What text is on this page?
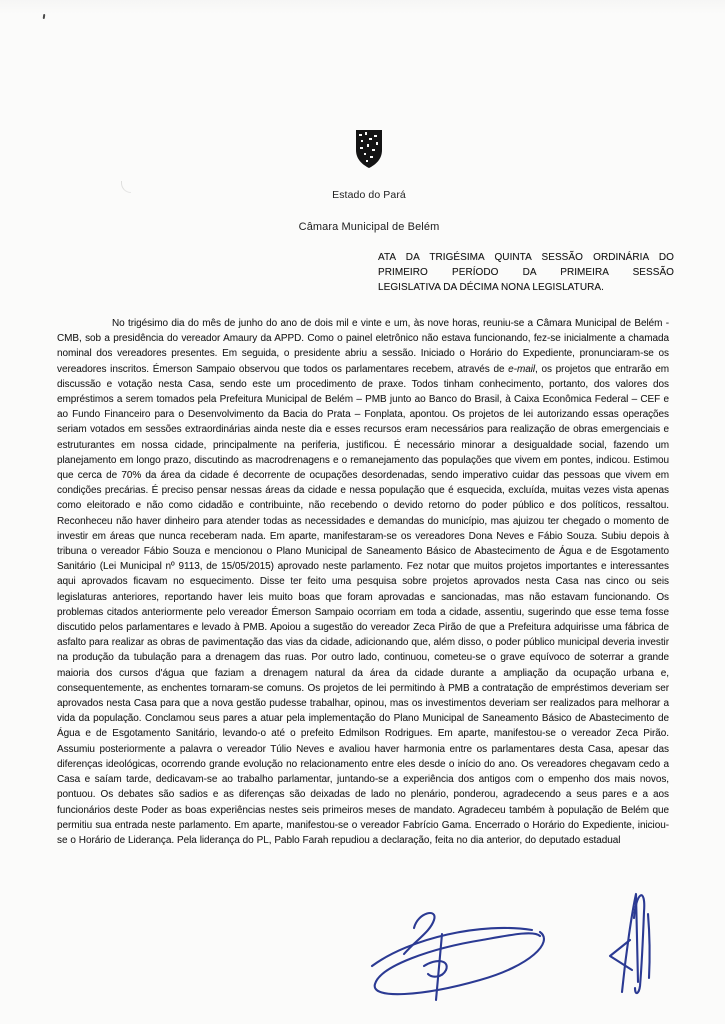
Estado do Pará
Câmara Municipal de Belém
ATA DA TRIGÉSIMA QUINTA SESSÃO ORDINÁRIA DO
PRIMEIRO PERÍODO DA PRIMEIRA SESSÃO
LEGISLATIVA DA DÉCIMA NONA LEGISLATURA.

No trigésimo dia do mês de junho do ano de dois mil e vinte e um, às nove horas, reuniu-se a Câmara Municipal de Belém - CMB, sob a presidência do vereador Amaury da APPD. Como o painel eletrônico não estava funcionando, fez-se inicialmente a chamada nominal dos vereadores presentes. Em seguida, o presidente abriu a sessão. Iniciado o Horário do Expediente, pronunciaram-se os vereadores inscritos. Émerson Sampaio observou que todos os parlamentares recebem, através de e-mail, os projetos que entrarão em discussão e votação nesta Casa, sendo este um procedimento de praxe. Todos tinham conhecimento, portanto, dos valores dos empréstimos a serem tomados pela Prefeitura Municipal de Belém – PMB junto ao Banco do Brasil, à Caixa Econômica Federal – CEF e ao Fundo Financeiro para o Desenvolvimento da Bacia do Prata – Fonplata, apontou. Os projetos de lei autorizando essas operações seriam votados em sessões extraordinárias ainda neste dia e esses recursos eram necessários para realização de obras emergenciais e estruturantes em nossa cidade, principalmente na periferia, justificou. É necessário minorar a desigualdade social, fazendo um planejamento em longo prazo, discutindo as macrodrenagens e o remanejamento das populações que vivem em pontes, indicou. Estimou que cerca de 70% da área da cidade é decorrente de ocupações desordenadas, sendo imperativo cuidar das pessoas que vivem em condições precárias. É preciso pensar nessas áreas da cidade e nessa população que é esquecida, excluída, muitas vezes vista apenas como eleitorado e não como cidadão e contribuinte, não recebendo o devido retorno do poder público e dos políticos, ressaltou. Reconheceu não haver dinheiro para atender todas as necessidades e demandas do município, mas ajuizou ter chegado o momento de investir em áreas que nunca receberam nada. Em aparte, manifestaram-se os vereadores Dona Neves e Fábio Souza. Subiu depois à tribuna o vereador Fábio Souza e mencionou o Plano Municipal de Saneamento Básico de Abastecimento de Água e de Esgotamento Sanitário (Lei Municipal nº 9113, de 15/05/2015) aprovado neste parlamento. Fez notar que muitos projetos importantes e interessantes aqui aprovados ficavam no esquecimento. Disse ter feito uma pesquisa sobre projetos aprovados nesta Casa nas cinco ou seis legislaturas anteriores, reportando haver leis muito boas que foram aprovadas e sancionadas, mas não estavam funcionando. Os problemas citados anteriormente pelo vereador Émerson Sampaio ocorriam em toda a cidade, assentiu, sugerindo que esse tema fosse discutido pelos parlamentares e levado à PMB. Apoiou a sugestão do vereador Zeca Pirão de que a Prefeitura adquirisse uma fábrica de asfalto para realizar as obras de pavimentação das vias da cidade, adicionando que, além disso, o poder público municipal deveria investir na produção da tubulação para a drenagem das ruas. Por outro lado, continuou, cometeu-se o grave equívoco de soterrar a grande maioria dos cursos d'água que faziam a drenagem natural da área da cidade durante a ampliação da ocupação urbana e, consequentemente, as enchentes tornaram-se comuns. Os projetos de lei permitindo à PMB a contratação de empréstimos deveriam ser aprovados nesta Casa para que a nova gestão pudesse trabalhar, opinou, mas os investimentos deveriam ser realizados para melhorar a vida da população. Conclamou seus pares a atuar pela implementação do Plano Municipal de Saneamento Básico de Abastecimento de Água e de Esgotamento Sanitário, levando-o até o prefeito Edmilson Rodrigues. Em aparte, manifestou-se o vereador Zeca Pirão. Assumiu posteriormente a palavra o vereador Túlio Neves e avaliou haver harmonia entre os parlamentares desta Casa, apesar das diferenças ideológicas, ocorrendo grande evolução no relacionamento entre eles desde o início do ano. Os vereadores chegavam cedo a Casa e saíam tarde, dedicavam-se ao trabalho parlamentar, juntando-se a experiência dos antigos com o empenho dos mais novos, pontuou. Os debates são sadios e as diferenças são deixadas de lado no plenário, ponderou, agradecendo a seus pares e a aos funcionários deste Poder as boas experiências nestes seis primeiros meses de mandato. Agradeceu também à população de Belém que permitiu sua entrada neste parlamento. Em aparte, manifestou-se o vereador Fabrício Gama. Encerrado o Horário do Expediente, iniciou-se o Horário de Liderança. Pela liderança do PL, Pablo Farah repudiou a declaração, feita no dia anterior, do deputado estadual
